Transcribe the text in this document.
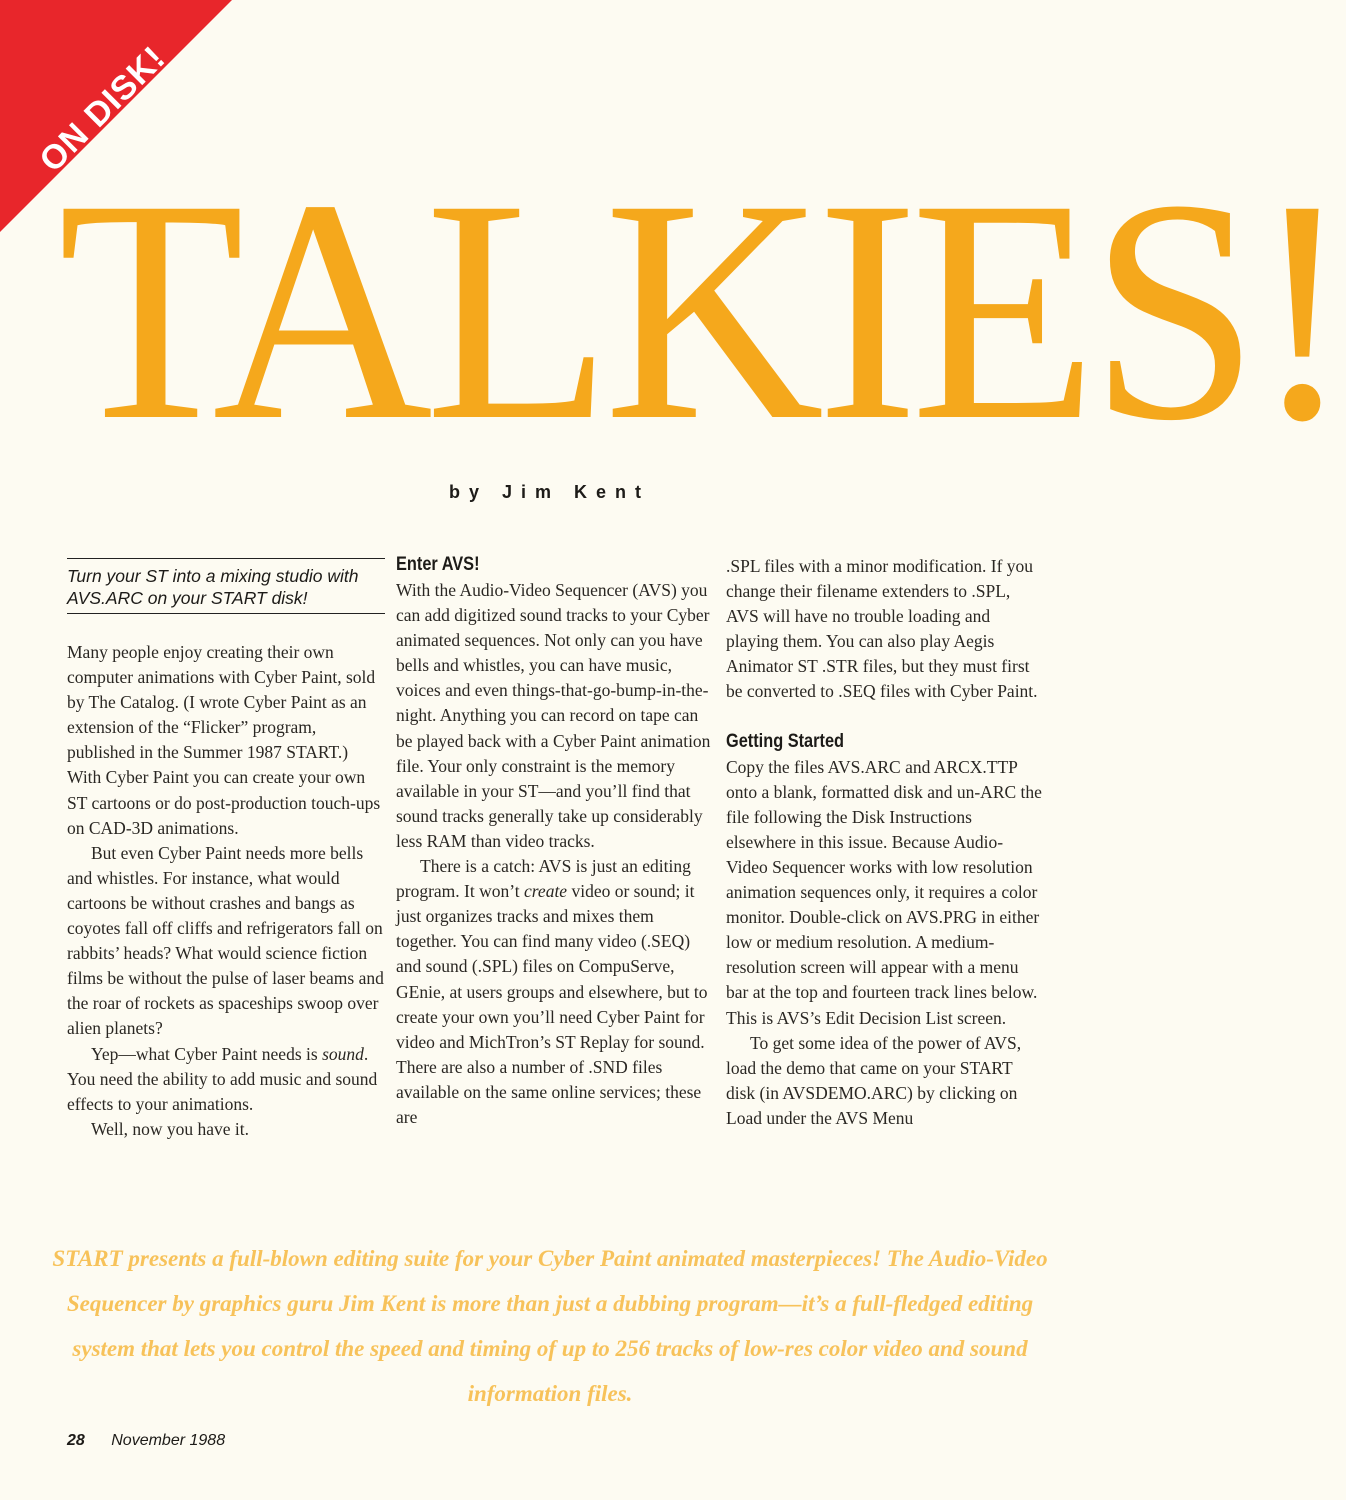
ON DISK!
TALKIES!
by Jim Kent
Turn your ST into a mixing studio with AVS.ARC on your START disk!

Many people enjoy creating their own computer animations with Cyber Paint, sold by The Catalog. (I wrote Cyber Paint as an extension of the “Flicker” program, published in the Summer 1987 START.) With Cyber Paint you can create your own ST cartoons or do post-production touch-ups on CAD-3D animations.

But even Cyber Paint needs more bells and whistles. For instance, what would cartoons be without crashes and bangs as coyotes fall off cliffs and refrigerators fall on rabbits’ heads? What would science fiction films be without the pulse of laser beams and the roar of rockets as spaceships swoop over alien planets?

Yep—what Cyber Paint needs is sound. You need the ability to add music and sound effects to your animations.

Well, now you have it.

Enter AVS!

With the Audio-Video Sequencer (AVS) you can add digitized sound tracks to your Cyber animated sequences. Not only can you have bells and whistles, you can have music, voices and even things-that-go-bump-in-the-night. Anything you can record on tape can be played back with a Cyber Paint animation file. Your only constraint is the memory available in your ST—and you’ll find that sound tracks generally take up considerably less RAM than video tracks.

There is a catch: AVS is just an editing program. It won’t create video or sound; it just organizes tracks and mixes them together. You can find many video (.SEQ) and sound (.SPL) files on CompuServe, GEnie, at users groups and elsewhere, but to create your own you’ll need Cyber Paint for video and MichTron’s ST Replay for sound. There are also a number of .SND files available on the same online services; these are

.SPL files with a minor modification. If you change their filename extenders to .SPL, AVS will have no trouble loading and playing them. You can also play Aegis Animator ST .STR files, but they must first be converted to .SEQ files with Cyber Paint.

Getting Started

Copy the files AVS.ARC and ARCX.TTP onto a blank, formatted disk and un-ARC the file following the Disk Instructions elsewhere in this issue. Because Audio-Video Sequencer works with low resolution animation sequences only, it requires a color monitor. Double-click on AVS.PRG in either low or medium resolution. A medium-resolution screen will appear with a menu bar at the top and fourteen track lines below. This is AVS’s Edit Decision List screen.

To get some idea of the power of AVS, load the demo that came on your START disk (in AVSDEMO.ARC) by clicking on Load under the AVS Menu

START presents a full-blown editing suite for your Cyber Paint animated masterpieces! The Audio-Video Sequencer by graphics guru Jim Kent is more than just a dubbing program—it’s a full-fledged editing system that lets you control the speed and timing of up to 256 tracks of low-res color video and sound information files.
28 November 1988
